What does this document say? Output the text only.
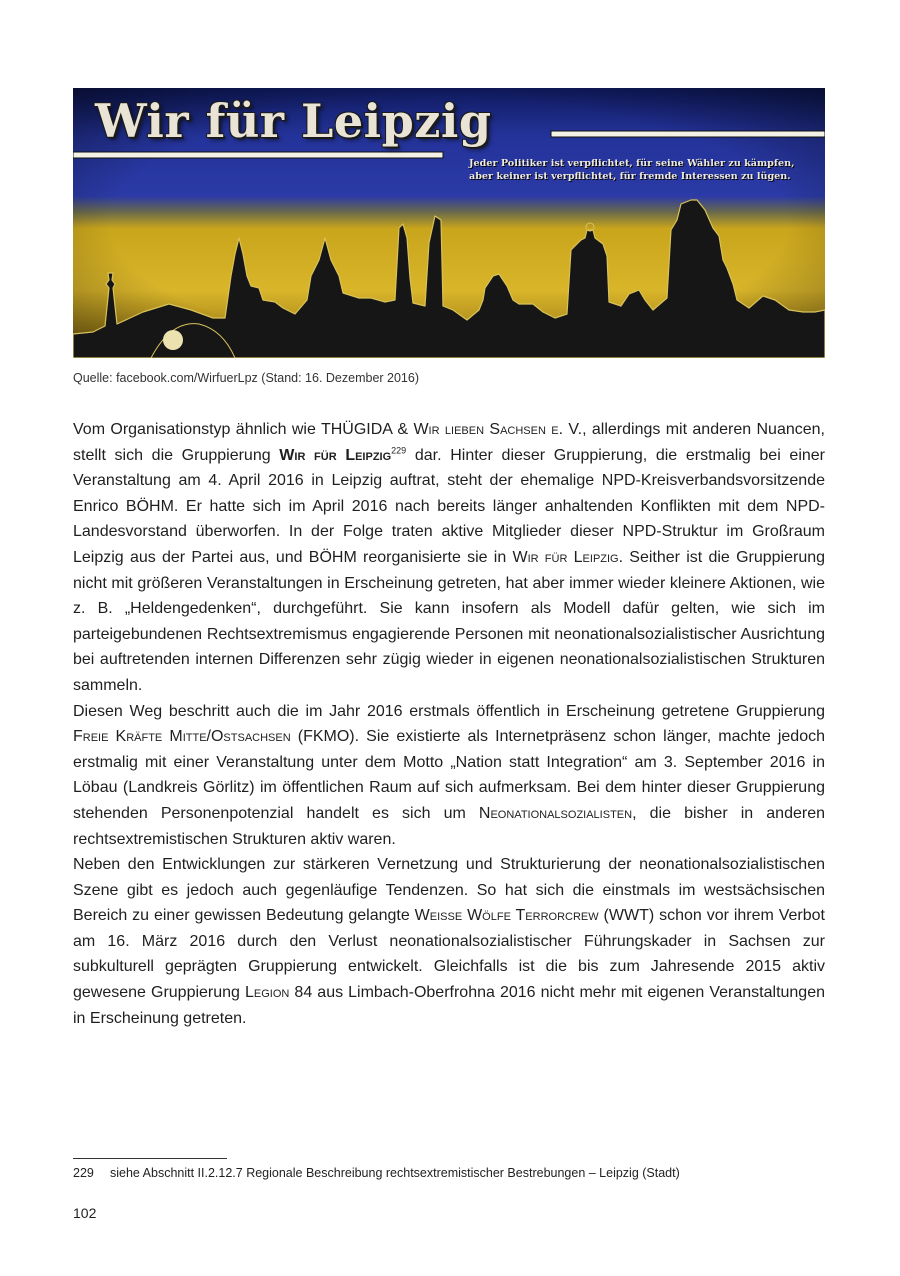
Wir für Leipzig
Jeder Politiker ist verpflichtet, für seine Wähler zu kämpfen,
aber keiner ist verpflichtet, für fremde Interessen zu lügen.
Quelle: facebook.com/WirfuerLpz (Stand: 16. Dezember 2016)

Vom Organisationstyp ähnlich wie THÜGIDA & Wir lieben Sachsen e. V., allerdings mit anderen Nuancen, stellt sich die Gruppierung Wir für Leipzig$^{229}$ dar. Hinter dieser Gruppierung, die erstmalig bei einer Veranstaltung am 4. April 2016 in Leipzig auftrat, steht der ehemalige NPD-Kreisverbandsvorsitzende Enrico BÖHM. Er hatte sich im April 2016 nach bereits länger anhaltenden Konflikten mit dem NPD-Landesvorstand überworfen. In der Folge traten aktive Mitglieder dieser NPD-Struktur im Großraum Leipzig aus der Partei aus, und BÖHM reorganisierte sie in Wir für Leipzig. Seither ist die Gruppierung nicht mit größeren Veranstaltungen in Erscheinung getreten, hat aber immer wieder kleinere Aktionen, wie z. B. „Heldengedenken“, durchgeführt. Sie kann insofern als Modell dafür gelten, wie sich im parteigebundenen Rechtsextremismus engagierende Personen mit neonationalsozialistischer Ausrichtung bei auftretenden internen Differenzen sehr zügig wieder in eigenen neonationalsozialistischen Strukturen sammeln.

Diesen Weg beschritt auch die im Jahr 2016 erstmals öffentlich in Erscheinung getretene Gruppierung Freie Kräfte Mitte/Ostsachsen (FKMO). Sie existierte als Internetpräsenz schon länger, machte jedoch erstmalig mit einer Veranstaltung unter dem Motto „Nation statt Integration“ am 3. September 2016 in Löbau (Landkreis Görlitz) im öffentlichen Raum auf sich aufmerksam. Bei dem hinter dieser Gruppierung stehenden Personenpotenzial handelt es sich um Neonationalsozialisten, die bisher in anderen rechtsextremistischen Strukturen aktiv waren.

Neben den Entwicklungen zur stärkeren Vernetzung und Strukturierung der neonationalsozialistischen Szene gibt es jedoch auch gegenläufige Tendenzen. So hat sich die einstmals im westsächsischen Bereich zu einer gewissen Bedeutung gelangte Weisse Wölfe Terrorcrew (WWT) schon vor ihrem Verbot am 16. März 2016 durch den Verlust neonationalsozialistischer Führungskader in Sachsen zur subkulturell geprägten Gruppierung entwickelt. Gleichfalls ist die bis zum Jahresende 2015 aktiv gewesene Gruppierung Legion 84 aus Limbach-Oberfrohna 2016 nicht mehr mit eigenen Veranstaltungen in Erscheinung getreten.

229 siehe Abschnitt II.2.12.7 Regionale Beschreibung rechtsextremistischer Bestrebungen – Leipzig (Stadt)
102
